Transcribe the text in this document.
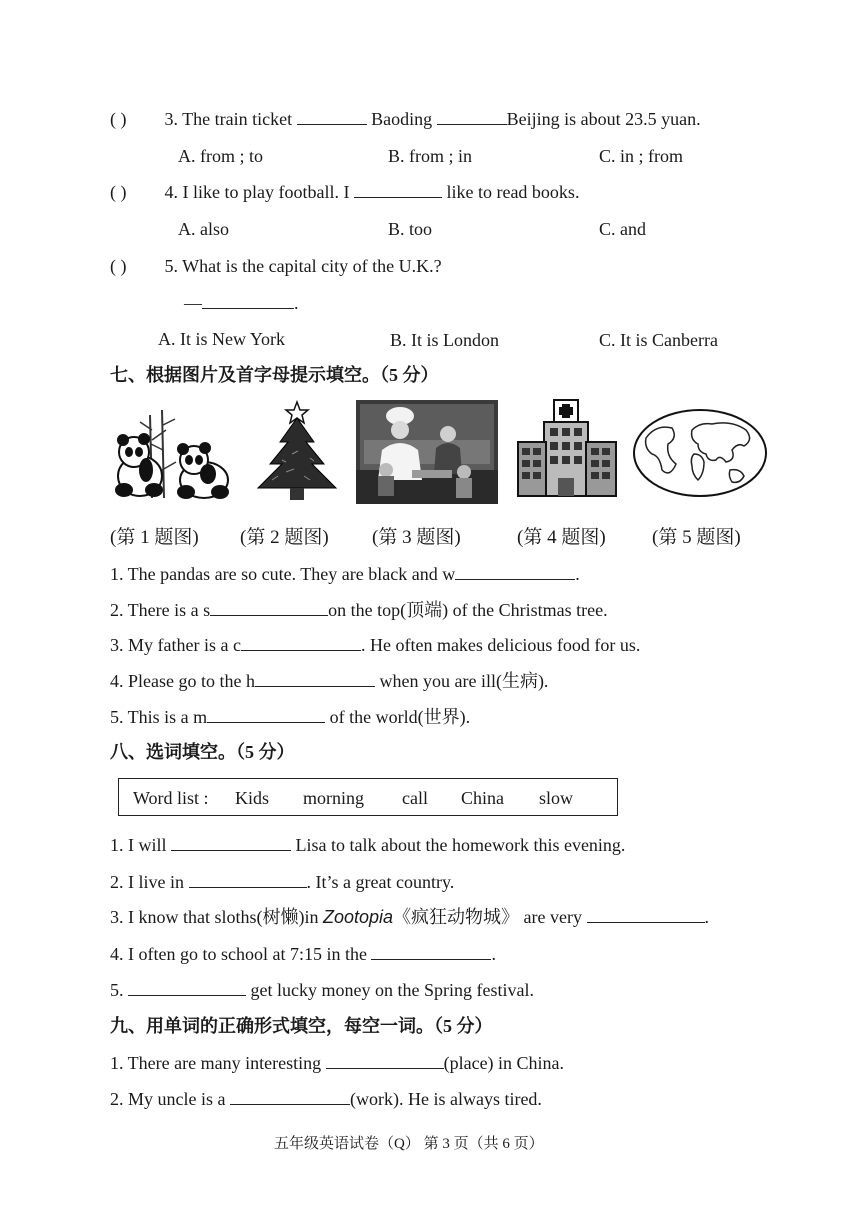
( ) 3. The train ticket	Baoding	Beijing is about 23.5 yuan.
A. from ; to	B. from ; in	C. in ; from
( ) 4. I like to play football. I	like to read books.
A. also	B. too	C. and
( ) 5. What is the capital city of the U.K.?
—	.
A. It is New York	B. It is London	C. It is Canberra
七、根据图片及首字母提示填空。（5 分）
(第 1 题图) (第 2 题图) (第 3 题图)	(第 4 题图) (第 5 题图)
1. The pandas are so cute. They are black and w	.
2. There is a s	on the top(顶端) of the Christmas tree.
3. My father is a c	. He often makes delicious food for us.
4. Please go to the h	when you are ill(生病).
5. This is a m	of the world(世界).
八、选词填空。（5 分）
Word list : Kids morning call China slow
1. I will	Lisa to talk about the homework this evening.
2. I live in	. It’s a great country.
3. I know that sloths(树懒)in Zootopia《疯狂动物城》 are very	.
4. I often go to school at 7:15 in the	.
5.	get lucky money on the Spring festival.
九、用单词的正确形式填空，每空一词。（5 分）
1. There are many interesting	(place) in China.
2. My uncle is a	(work). He is always tired.
五年级英语试卷（Q） 第 3 页（共 6 页）
